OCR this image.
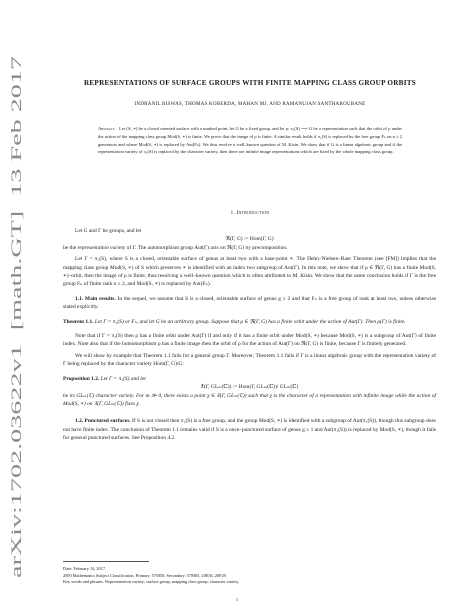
arXiv:1702.03622v1  [math.GT]  13 Feb 2017
REPRESENTATIONS OF SURFACE GROUPS WITH FINITE MAPPING CLASS GROUP ORBITS
INDRANIL BISWAS, THOMAS KOBERDA, MAHAN MJ, AND RAMANUJAN SANTHAROUBANE
Abstract. Let (S, ∗) be a closed oriented surface with a marked point, let G be a fixed group, and let ρ: π₁(S) ⟶ G be a representation such that the orbit of ρ under the action of the mapping class group Mod(S, ∗) is finite. We prove that the image of ρ is finite. A similar result holds if π₁(S) is replaced by the free group Fₙ on n ≥ 2 generators and where Mod(S, ∗) is replaced by Aut(Fₙ). We thus resolve a well–known question of M. Kisin. We show that if G is a linear algebraic group and if the representation variety of π₁(S) is replaced by the character variety, then there are infinite image representations which are fixed by the whole mapping class group.
1. Introduction

Let G and Γ be groups, and let

ℜ(Γ, G) := Hom(Γ, G)

be the representation variety of Γ. The automorphism group Aut(Γ) acts on ℜ(Γ, G) by precomposition.

Let Γ = π₁(S), where S is a closed, orientable surface of genus at least two with a base-point ∗. The Dehn–Nielsen–Baer Theorem (see [FM]) implies that the mapping class group Mod(S, ∗) of S which preserves ∗ is identified with an index two subgroup of Aut(Γ). In this note, we show that if ρ ∈ ℜ(Γ, G) has a finite Mod(S, ∗)–orbit, then the image of ρ is finite, thus resolving a well–known question which is often attributed to M. Kisin. We show that the same conclusion holds if Γ is the free group Fₙ of finite rank n ≥ 2, and Mod(S, ∗) is replaced by Aut(Fₙ).

1.1. Main results. In the sequel, we assume that S is a closed, orientable surface of genus g ≥ 2 and that Fₙ is a free group of rank at least two, unless otherwise stated explicitly.

Theorem 1.1. Let Γ = π₁(S) or Fₙ, and let G be an arbitrary group. Suppose that ρ ∈ ℜ(Γ, G) has a finite orbit under the action of Aut(Γ). Then ρ(Γ) is finite.

Note that if Γ = π₁(S) then ρ has a finite orbit under Aut(Γ) if and only if it has a finite orbit under Mod(S, ∗) because Mod(S, ∗) is a subgroup of Aut(Γ) of finite index. Note also that if the homomorphism ρ has a finite image then the orbit of ρ for the action of Aut(Γ) on ℜ(Γ, G) is finite, because Γ is finitely generated.

We will show by example that Theorem 1.1 fails for a general group Γ. Moreover, Theorem 1.1 fails if Γ is a linear algebraic group with the representation variety of Γ being replaced by the character variety Hom(Γ, G)/G:

Proposition 1.2. Let Γ = π₁(S) and let

𝔛(Γ, GLₘ(ℂ)) := Hom(Γ, GLₘ(ℂ))/ GLₘ(ℂ)

be its GLₘ(ℂ) character variety. For m ≫ 0, there exists a point χ ∈ 𝔛(Γ, GLₘ(ℂ)) such that χ is the character of a representation with infinite image while the action of Mod(S, ∗) on 𝔛(Γ, GLₘ(ℂ)) fixes χ.

1.2. Punctured surfaces. If S is not closed then π₁(S) is a free group, and the group Mod(S, ∗) is identified with a subgroup of Aut(π₁(S)), though this subgroup does not have finite index. The conclusion of Theorem 1.1 remains valid if S is a once–punctured surface of genus g ≥ 1 and Aut(π₁(S)) is replaced by Mod(S, ∗), though it fails for general punctured surfaces. See Proposition 4.2.

Date: February 14, 2017.

2000 Mathematics Subject Classification. Primary: 57M50; Secondary: 57M05, 20E36, 20F29.

Key words and phrases. Representation variety; surface group; mapping class group; character variety.

1
